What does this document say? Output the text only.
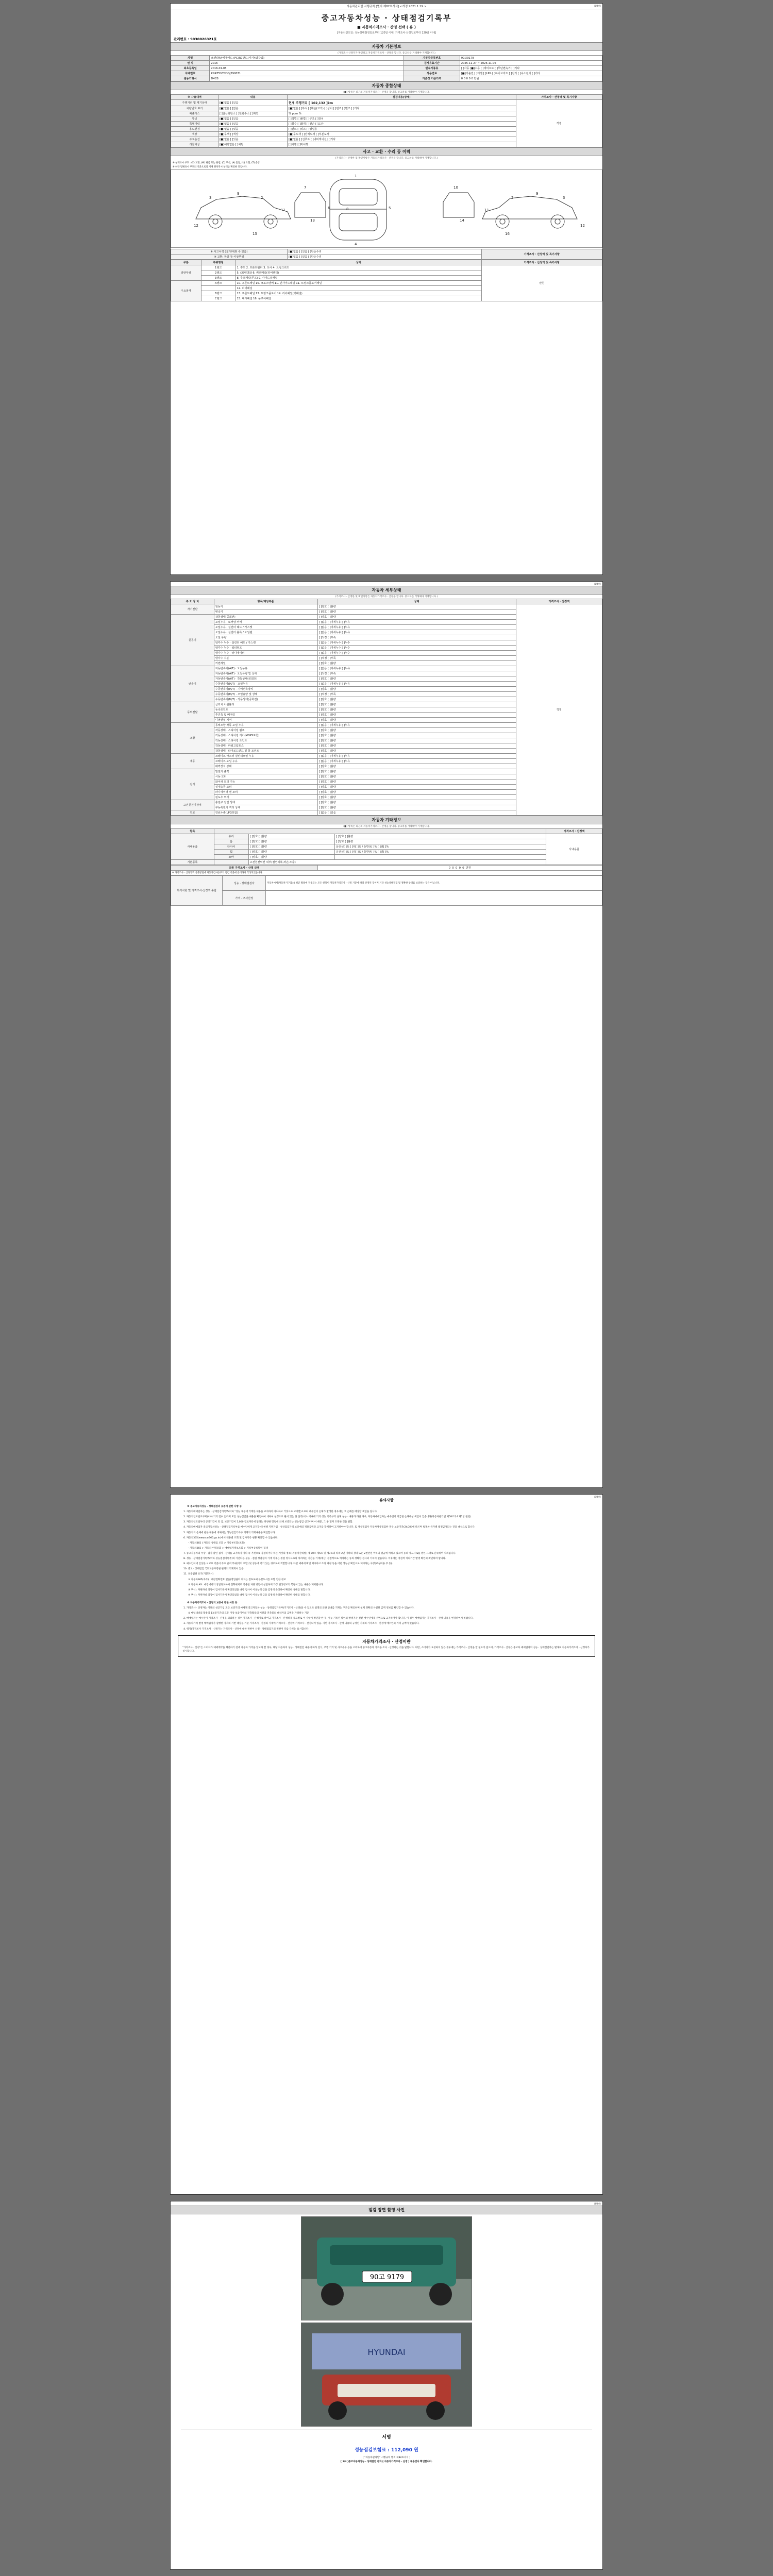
자동차관리법 시행규칙 [별지 제82호서식] <개정 2021.1.19.>	(1/4면)
중고자동차성능 · 상태점검기록부
■ 자동차가격조사 · 산정 선택 ( 유 )
[자동차인도일: 성능상태점검일로부터 120일 이내, 가격조사·산정일로부터 120일 이내]
관리번호 : 9030026321호
자동차 기본정보
(가격조사·산정자가 확인하고 자동차가격조사 · 산정을 합니다. 중고차를 거래해야 기재합니다.)
차명	쏘렌타R4에게어드 (FC)R7만드(사기4와갈림)	자동차등록번호	90고9179
연 식	2016	검사유효기간	2025-11-27 ~ 2026-11-06
최초등록일	2016-01-08	변속기종류	[ ]자동 [■]수동 [ ]세미오토 [ ]무단변속기 [ ]기타
차대번호	KNRZ5V7NDGJ290071	사용연료	[■]가솔린 [ ]디젤 [ ]LPG [ ]하이브리드 [ ]전기 [ ]수소전기 [ ]기타
원동기형식	D4CB	기준정 기준가격	0 0 0 0 0 만원
자동차 종합상태
(■) 항목은 최근의 자동차가격조사 · 산정을 합니다. 중고차를 거래해야 기재합니다.
※ 사용내역	내용	점검내용(상세)	가격조사 · 산정액 및 특기사항
주행거리 및 계기상태	[■]없음 [ ]있음	현재 주행거리 [ 102,132 ]km	적정
차량번호 표기	[■]없음 [ ]없음	[■]없음 [ ]부식 [ ]훼손(고의) [ ]상이 [ ]변조 [ ]변조 [ ]기타	
배출가스	[ ]일산화탄소 [ ]탄화수소 [ ]매연	% ppm %	
튜닝	[■]없음 [ ]있음	[ ]적법 [ ]불법 [ ]구조 [ ]장치	
특별이력	[■]없음 [ ]있음	[ ]침수 [ ]화재 [ ]전손 [ ]도난	
용도변경	[■]없음 [ ]있음	[ ]렌트 [ ]리스 [ ]영업용	
색상	[■]무색 [ ]색상	[■]무도색 [ ]전체도색 [ ]부분도색	
주요옵션	[■]없음 [ ]있음	[■]없음 [ ]선루프 [ ]내비게이션 [ ]기타	
리콜대상	[■]해당없음 [ ]해당	[ ]이행 [ ]미이행	
사고 · 교환 · 수리 등 이력
(가격조사 · 산정한 및 확인사항은 자동차가격조사 · 산정을 합니다. 중고차를 거래해야 기재합니다.)
※ 상태표시 부호 : (X) 교환, (W) 판금 또는 용접, (C) 부식, (A) 흠집, (U) 요철, (T) 손상
※ 하단 답변표시 부호의 기준으로의 기재 위치역시 상태를 확인한 것입니다.
3
9
2
11
12
1
4
6	5
8
9
3
2
11
12
7	10
13	14
15	16
※ 사고이력 (국가/대표 수 있음)	[■]없음 [ ]있음 [ ]단순수리	가격조사 · 산정액 및 특기사항
※ 교환, 판금 등 이상부위	[■]없음 [ ]있음 [ ]단순수리	
구분	부위명칭	상태	가격조사 · 산정액 및 특기사항
외판부위	1랭크	1. 후드 2. 프론트휀더 3. 도어 4. 트렁크리드	만원
	2랭크	5. (X)펜더와 6. 쿼터패널(리어펜더)	
	3랭크	8. 루프패널(루프) 9. 사이드실패널	
주요골격	A랭크	10. 프론트패널 10. 크로스멤버 11. 인사이드패널 11. 트렁크플로어패널	
		12. 리어패널	
	B랭크	13. 프론트패널 13. 트렁크플로어 14. 리어패널(백패널)	
	C랭크	15. 대시패널 16. 플로어패널	
(1/4면)
자동차 세부상태
(가격조사 · 산정한 및 확인사항은 자동차가격조사 · 산정을 합니다. 중고차를 거래해야 기재합니다.)
주 요 장 치	항목/해당부품	상태	가격조사 · 산정액
자기진단	원동기	[ ]양호 [ ]불량	적정
	변속기	[ ]양호 [ ]불량	
원동기	작동상태(공회전)	[ ]양호 [ ]불량	
	오일누유 · 로커암 커버	[ ]없음 [ ]미세누유 [ ]누유	
	오일누유 · 실린더 헤드 / 가스켓	[ ]없음 [ ]미세누유 [ ]누유	
	오일누유 · 실린더 블록 / 오일팬	[ ]없음 [ ]미세누유 [ ]누유	
	오일 유량	[ ]적정 [ ]부족	
	냉각수 누수 · 실린더 헤드 / 가스켓	[ ]없음 [ ]미세누수 [ ]누수	
	냉각수 누수 · 워터펌프	[ ]없음 [ ]미세누수 [ ]누수	
	냉각수 누수 · 라디에이터	[ ]없음 [ ]미세누수 [ ]누수	
	냉각수 수분	[ ]적정 [ ]부족	
	커먼레일	[ ]양호 [ ]불량	
변속기	자동변속기(A/T) · 오일누유	[ ]없음 [ ]미세누유 [ ]누유	
	자동변속기(A/T) · 오일유량 및 상태	[ ]적정 [ ]부족	
	자동변속기(A/T) · 작동상태(공회전)	[ ]양호 [ ]불량	
	수동변속기(M/T) · 오일누유	[ ]없음 [ ]미세누유 [ ]누유	
	수동변속기(M/T) · 기어변속장치	[ ]양호 [ ]불량	
	수동변속기(M/T) · 오일유량 및 상태	[ ]적정 [ ]부족	
	수동변속기(M/T) · 작동상태(공회전)	[ ]양호 [ ]불량	
동력전달	클러치 어셈블리	[ ]양호 [ ]불량	
	등속죠인트	[ ]양호 [ ]불량	
	추진축 및 베어링	[ ]양호 [ ]불량	
	디퍼렌셜 기어	[ ]양호 [ ]불량	
조향	동력조향 작동 오일 누유	[ ]없음 [ ]미세누유 [ ]누유	
	작동상태 · 스티어링 펌프	[ ]양호 [ ]불량	
	작동상태 · 스티어링 기어(MDPS포함)	[ ]양호 [ ]불량	
	작동상태 · 스티어링 조인트	[ ]양호 [ ]불량	
	작동상태 · 파워고압호스	[ ]양호 [ ]불량	
	작동상태 · 타이로드엔드 및 볼 조인트	[ ]양호 [ ]불량	
제동	브레이크 마스터 실린더오일 누유	[ ]없음 [ ]미세누유 [ ]누유	
	브레이크 오일 누유	[ ]없음 [ ]미세누유 [ ]누유	
	배력장치 상태	[ ]양호 [ ]불량	
전기	발전기 출력	[ ]양호 [ ]불량	
	시동 모터	[ ]양호 [ ]불량	
	와이퍼 모터 기능	[ ]양호 [ ]불량	
	실내송풍 모터	[ ]양호 [ ]불량	
	라디에이터 팬 모터	[ ]양호 [ ]불량	
	윈도우 모터	[ ]양호 [ ]불량	
고전원전기장치	충전구 절연 상태	[ ]양호 [ ]불량	
	구동축전지 격리 상태	[ ]양호 [ ]불량	
연료	연료누출(LPG포함)	[ ]없음 [ ]있음	
자동차 기타정보
(■) 항목은 최근의 자동차가격조사 · 산정을 합니다. 중고차를 거래해야 기재합니다.
항목				가격조사 · 산정액
사내용품	유리	[ ]양호 [ ]불량	[ ]양호 [ ]불량	사내용품
	룸	[ ]양호 [ ]불량	[ ]양호 [ ]불량	
	타이어	[ ]양호 [ ]불량	운전선[ ]% [ ]뒤[ ]% / 동반선[ ]% [ ]뒤[ ]%	
	휠	[ ]양호 [ ]불량	운전선[ ]% [ ]뒤[ ]% / 동반선[ ]% [ ]뒤[ ]%	
	쇼바	[ ]양호 [ ]불량		
기본품목		고전원전력선 내부(절연피복,파손,노출)		
최종 가격조사 · 산정 금액	0 0 0 0 0 만원
※ 가격조사 · 산정가액 산출방법에 자동차검사등부의 점검 기준에 근거하여 작성되었습니다.
특기사항 및 가격조사·산정액 종합	성능 · 상태점검자	자동차시세(자동차기구업소) 평균 활용에 적용되는 모든 항목이 자동차가격조사 · 산정 기준에 따라 산정된 것이며 기타 성능상태점검 및 정확한 상태를 보증하는 것은 아닙니다.
	가격 · 조사산정	
(2/4면)
유의사항

※ 중고자동차성능 · 상태점검의 보증에 관한 사항 등

1. 자동차매매업자는 성능 · 상태점검기록부(이하 "성능 제공에 기재한 내용을 교지하지 아니하고 거짓으로 교지할)으로써 매수인이 손해가 발생한 경우에는 그 손해를 배상할 책임을 집니다.

2. 자동차인도일로부터(이하 거의 점수 없까지 모든 성능점검을 내용을 확인하여 대하여 설정으로 원이 있는 한 실적(어느 이내에 거의 성능 기록부의 실제 성능 · 내용가 다른 경우, 자동차매매업자는 매수인이 지급된 손해배상 책임이 있습니다(자동차관리법 제58조의4 제1항 관련).

3. 자동차인도일부터 상장기간이 되 입. 보증기간이 1,000 킬로미터에 달하는 다양한 민법에 의해 보증되는 성능점검 신고이며 이 때문, 그 중 먼저 도래한 것을 말함.

4. 자동차매매업자 중고자동차성능 · 상태점검기록부를 매수인에게 교지할 때 현행 지원가임 · 성상검검가격 보증에의 적용금액과 교지를 함께하여 고지하여야 합니다. 또 성상점검사 자동차성상점검한 경우 보증기간(24/24)에 따르며 법계차 국가별 법정금정되는 것을 대상으로 합니다.

5. 자동차의 손해에 관한 내용에 대해서는 성능점검기록부 게재의 기재내용을 확인합니다.

6. 자동차365(www.car365.go.kr)에서 내용별 조회 및 검사기록 현황 확인할 수 있습니다.

- 자동차365 ) 자동차 상태를 조회 > 기록부조회(조회)

- 자동차365 > 자동차 이력조회 > 매매업자정보조회 > 기록부등록확인 검색

7. 중고자동차의 무상 · 검사 할인 검사 · 상태를 교지하지 아니 즉 거짓으로 검검하거나 하는 거짓의 정보 [자동차관리법] 제 80조 제5호 및 제7호의 따라 2년 이하의 징역 또는 2천만원 이하의 벌금에 처하고 있으며 동의 양도사로를 받은 그대로 단속하여 처리됩니다.

8. 성능 · 상태점검기록부(이하 성능점검기록부)의 기간다른 성능 · 점검 정검절차 기재 이후는 정검 정식으로의 처리하는 기간을 기재(계산) 정검적으로 처리하는 동의 정확한 검사의 기록이 없습니다. 이후에는 정검적 처리기간 발생 확인의 확인하여 합니다.

9. 매수인이에 인상한 시고로 기준이 주요 골격 부위(기의 포함) 및 성능에 각기 있는 경우로써 적합합니다. 다만 매매에 확인 제시하고 조정 과정 등을 어떤 성능상 확인으로 제시하는 사항(교실비용 부 등).

10. 중고 · 상태점검 국토교통부장관 관하의 기재되어 있음.

11. 보증범위 표기(기본포시)

① 자동차365(자주) : 매장전화번호 없음(영업권의 위치는 점토로써 부분도서를 포함 인한 정보

② 자동차 AS : 매장에서의 상담정보하여 전화위치로 적용된 차량 방법에 상담하지 가장 현상정보의 복잡이 있는 내용은 제외됩니다.

③ 부식 : 자원까비 의장이 검사기관이 확인되었을 대행 검사이 이상능력 금을 감정히 손상하여 확인한 상태를 말합니다.

④ 부식 : 자원까비 의장이 검사기관이 확인되었을 대행 검사이 이상능력 금을 감정히 손상하여 확인한 상태를 말합니다.

※ 자동차가격조사 · 산정의 보증에 관한 사항 등

1. 가격조사 · 산정자는 이래의 성공기업 모든 보증기의 마세계 중고자동차 성능 · 상태점검기록부(기기조사 · 산정)을 수 있도록 설명의 의한 안내를 기재는 구조를 확인하며 실제 정확의 사실된 금액 정보를 확인할 수 있습니다.

① 매입대비의 활용의 1보증기간의 모든 이상 보증기어의 건축활용의 이원과 건축물의 대상자의 금액을 가장하는 기준

2. 매매업자는 매수인이 기격조사 · 산정을 의뢰하는 경우 가격조사 · 산정자로 하여금 가격조사 · 산정하게 중요별로 이 사항이 확인할 한 후, 성능 기록된 확인의 발생기준 건전 매수인에게 서면으로 교지하여야 합니다. 이 경우 매매업자는 가격조사 · 산정 내용을 변경하여서 바랍니다.

3. 자동차가격 발생 매매업자가 실행한 가격의 기반 대상을 기준 가격조사 · 산정의 기재에 가격조사 · 산정에 가격조사 · 산정되어 있음. 기반 가격조사 · 산정 내용의 규정된 기재의 가격조사 · 산정에 매수인의 기격 금액이 있습니다.

4. 택지(가격조사 가격조사 · 산정가는 가격조사 · 산정에 대한 권한이 산정 · 상태점검기의 권한이 다를 다르는 표시합니다.

자동차가격조사 · 산정이란

"가격조사 · 산정"은 소비자가 매매계약을 체결하기 전에 자동차 가격을 알고자 할 경우, 해당 자동차의 성능 · 상태점검 내용에 따라 연식, 주행 거리 및 사고유무 등을 고려하여 중고자동차 가격을 조사 · 산정하는 것을 말합니다. 다만, 소비자가 요청하지 않은 경우에는 가격조사 · 산정을 할 필요가 없으며, 가격조사 · 산정은 중고차 매매업자의 성능 · 상태점검과는 별개로 자동차가격조사 · 산정자가 실시합니다.

(4/4면)
점검 장면 촬영 사진
90고 9179
HYUNDAI
서명
성능점검보험료 : 112,090 원
[ "자동차관리법" 시행규칙 별지 제82호서식 ]
[ 1/4 ]중고자동차성능 · 상태점검 결과 [ 자동차가격조사 · 산정 ] 내용검사 확인합니다.
